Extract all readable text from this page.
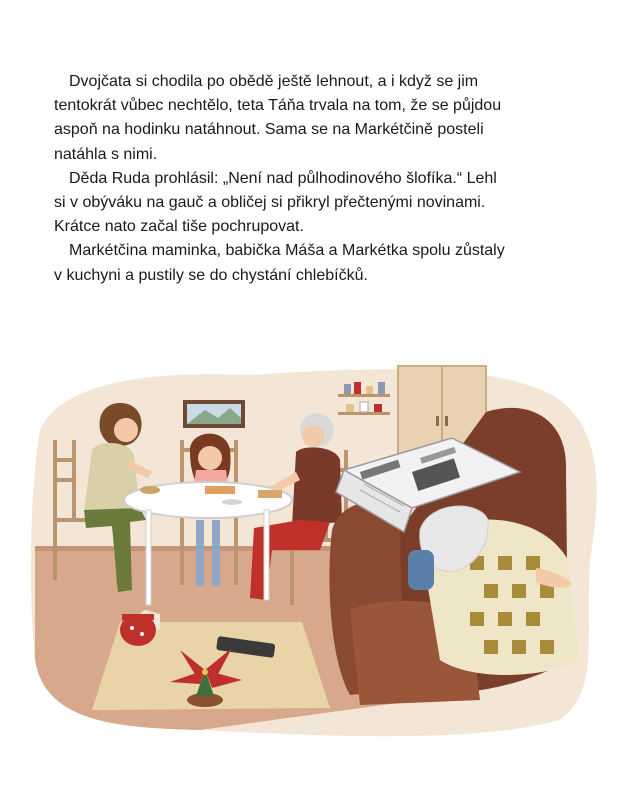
Dvojčata si chodila po obědě ještě lehnout, a i když se jim
tentokrát vůbec nechtělo, teta Táňa trvala na tom, že se půjdou
aspoň na hodinku natáhnout. Sama se na Markétčině posteli
natáhla s nimi.

Děda Ruda prohlásil: „Není nad půlhodinového šlofíka.“ Lehl
si v obýváku na gauč a obličej si přikryl přečtenými novinami.
Krátce nato začal tiše pochrupovat.

Markétčina maminka, babička Máša a Markétka spolu zůstaly
v kuchyni a pustily se do chystání chlebíčků.
